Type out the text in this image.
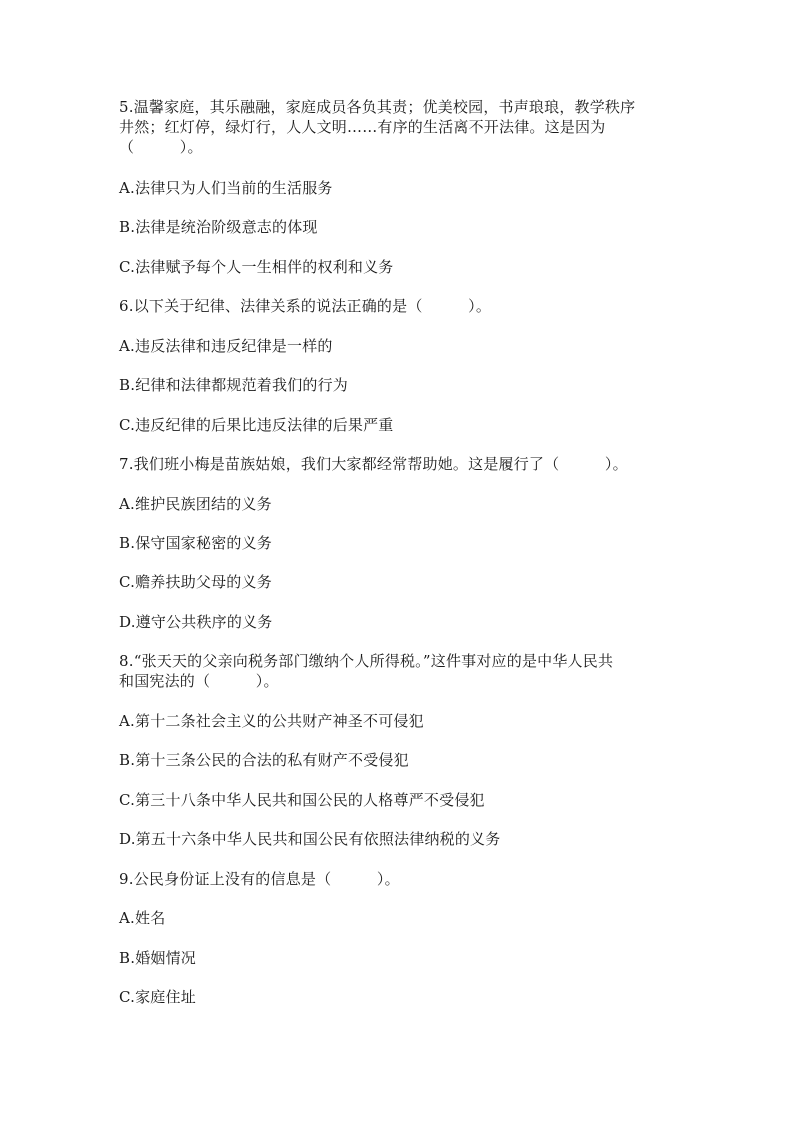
5.温馨家庭，其乐融融，家庭成员各负其责；优美校园，书声琅琅，教学秩序
井然；红灯停，绿灯行，人人文明……有序的生活离不开法律。这是因为
（　　　）。
A.法律只为人们当前的生活服务
B.法律是统治阶级意志的体现
C.法律赋予每个人一生相伴的权利和义务
6.以下关于纪律、法律关系的说法正确的是（　　　）。
A.违反法律和违反纪律是一样的
B.纪律和法律都规范着我们的行为
C.违反纪律的后果比违反法律的后果严重
7.我们班小梅是苗族姑娘，我们大家都经常帮助她。这是履行了（　　　）。
A.维护民族团结的义务
B.保守国家秘密的义务
C.赡养扶助父母的义务
D.遵守公共秩序的义务
8.“张天天的父亲向税务部门缴纳个人所得税。”这件事对应的是中华人民共
和国宪法的（　　　）。
A.第十二条社会主义的公共财产神圣不可侵犯
B.第十三条公民的合法的私有财产不受侵犯
C.第三十八条中华人民共和国公民的人格尊严不受侵犯
D.第五十六条中华人民共和国公民有依照法律纳税的义务
9.公民身份证上没有的信息是（　　　）。
A.姓名
B.婚姻情况
C.家庭住址
